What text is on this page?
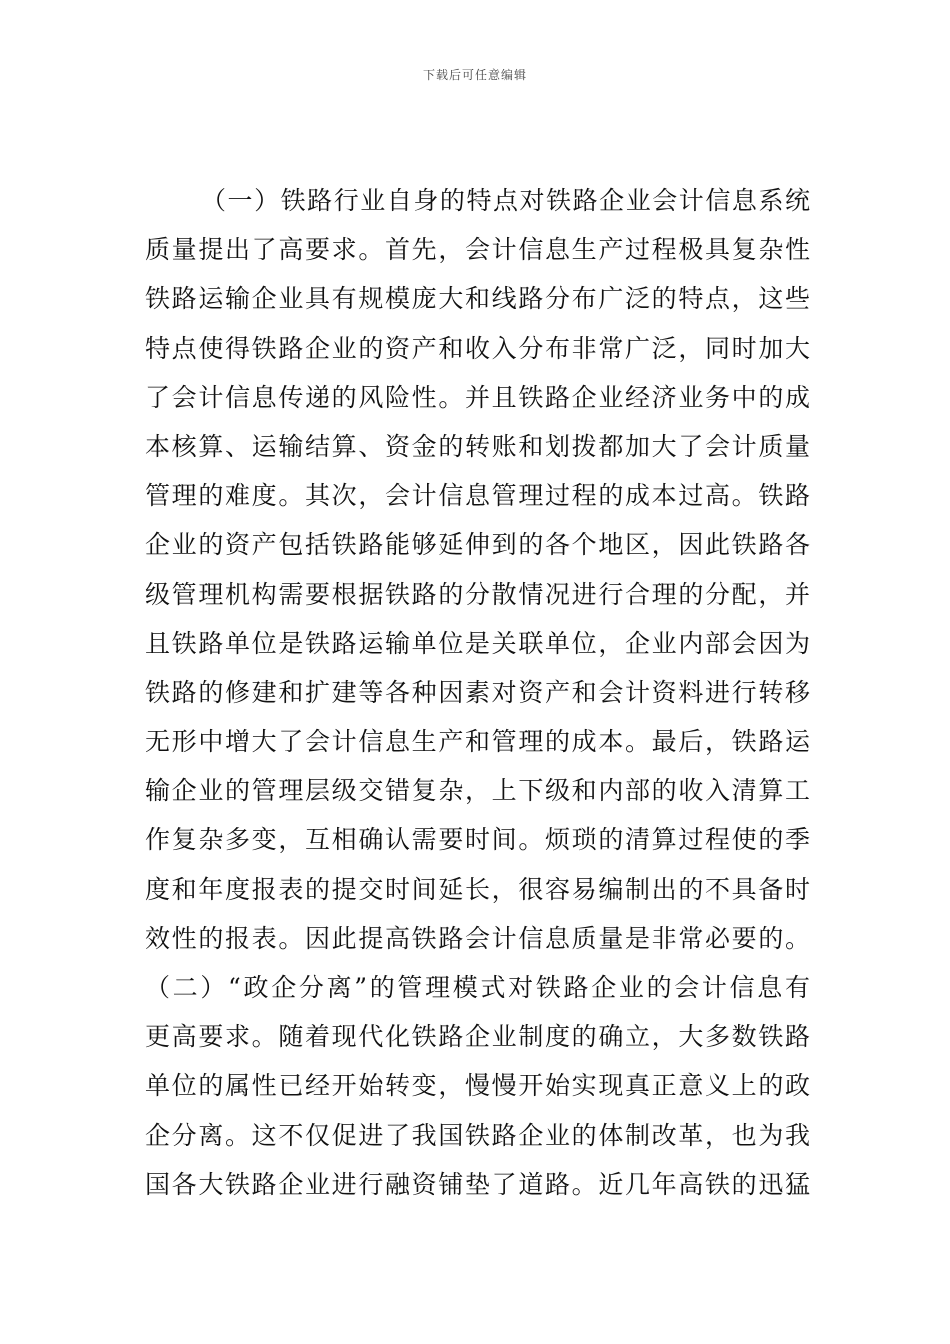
下载后可任意编辑
（一）铁路行业自身的特点对铁路企业会计信息系统
质量提出了高要求。首先，会计信息生产过程极具复杂性
铁路运输企业具有规模庞大和线路分布广泛的特点，这些
特点使得铁路企业的资产和收入分布非常广泛，同时加大
了会计信息传递的风险性。并且铁路企业经济业务中的成
本核算、运输结算、资金的转账和划拨都加大了会计质量
管理的难度。其次，会计信息管理过程的成本过高。铁路
企业的资产包括铁路能够延伸到的各个地区，因此铁路各
级管理机构需要根据铁路的分散情况进行合理的分配，并
且铁路单位是铁路运输单位是关联单位，企业内部会因为
铁路的修建和扩建等各种因素对资产和会计资料进行转移
无形中增大了会计信息生产和管理的成本。最后，铁路运
输企业的管理层级交错复杂，上下级和内部的收入清算工
作复杂多变，互相确认需要时间。烦琐的清算过程使的季
度和年度报表的提交时间延长，很容易编制出的不具备时
效性的报表。因此提高铁路会计信息质量是非常必要的。
（二）“政企分离”的管理模式对铁路企业的会计信息有
更高要求。随着现代化铁路企业制度的确立，大多数铁路
单位的属性已经开始转变，慢慢开始实现真正意义上的政
企分离。这不仅促进了我国铁路企业的体制改革，也为我
国各大铁路企业进行融资铺垫了道路。近几年高铁的迅猛
